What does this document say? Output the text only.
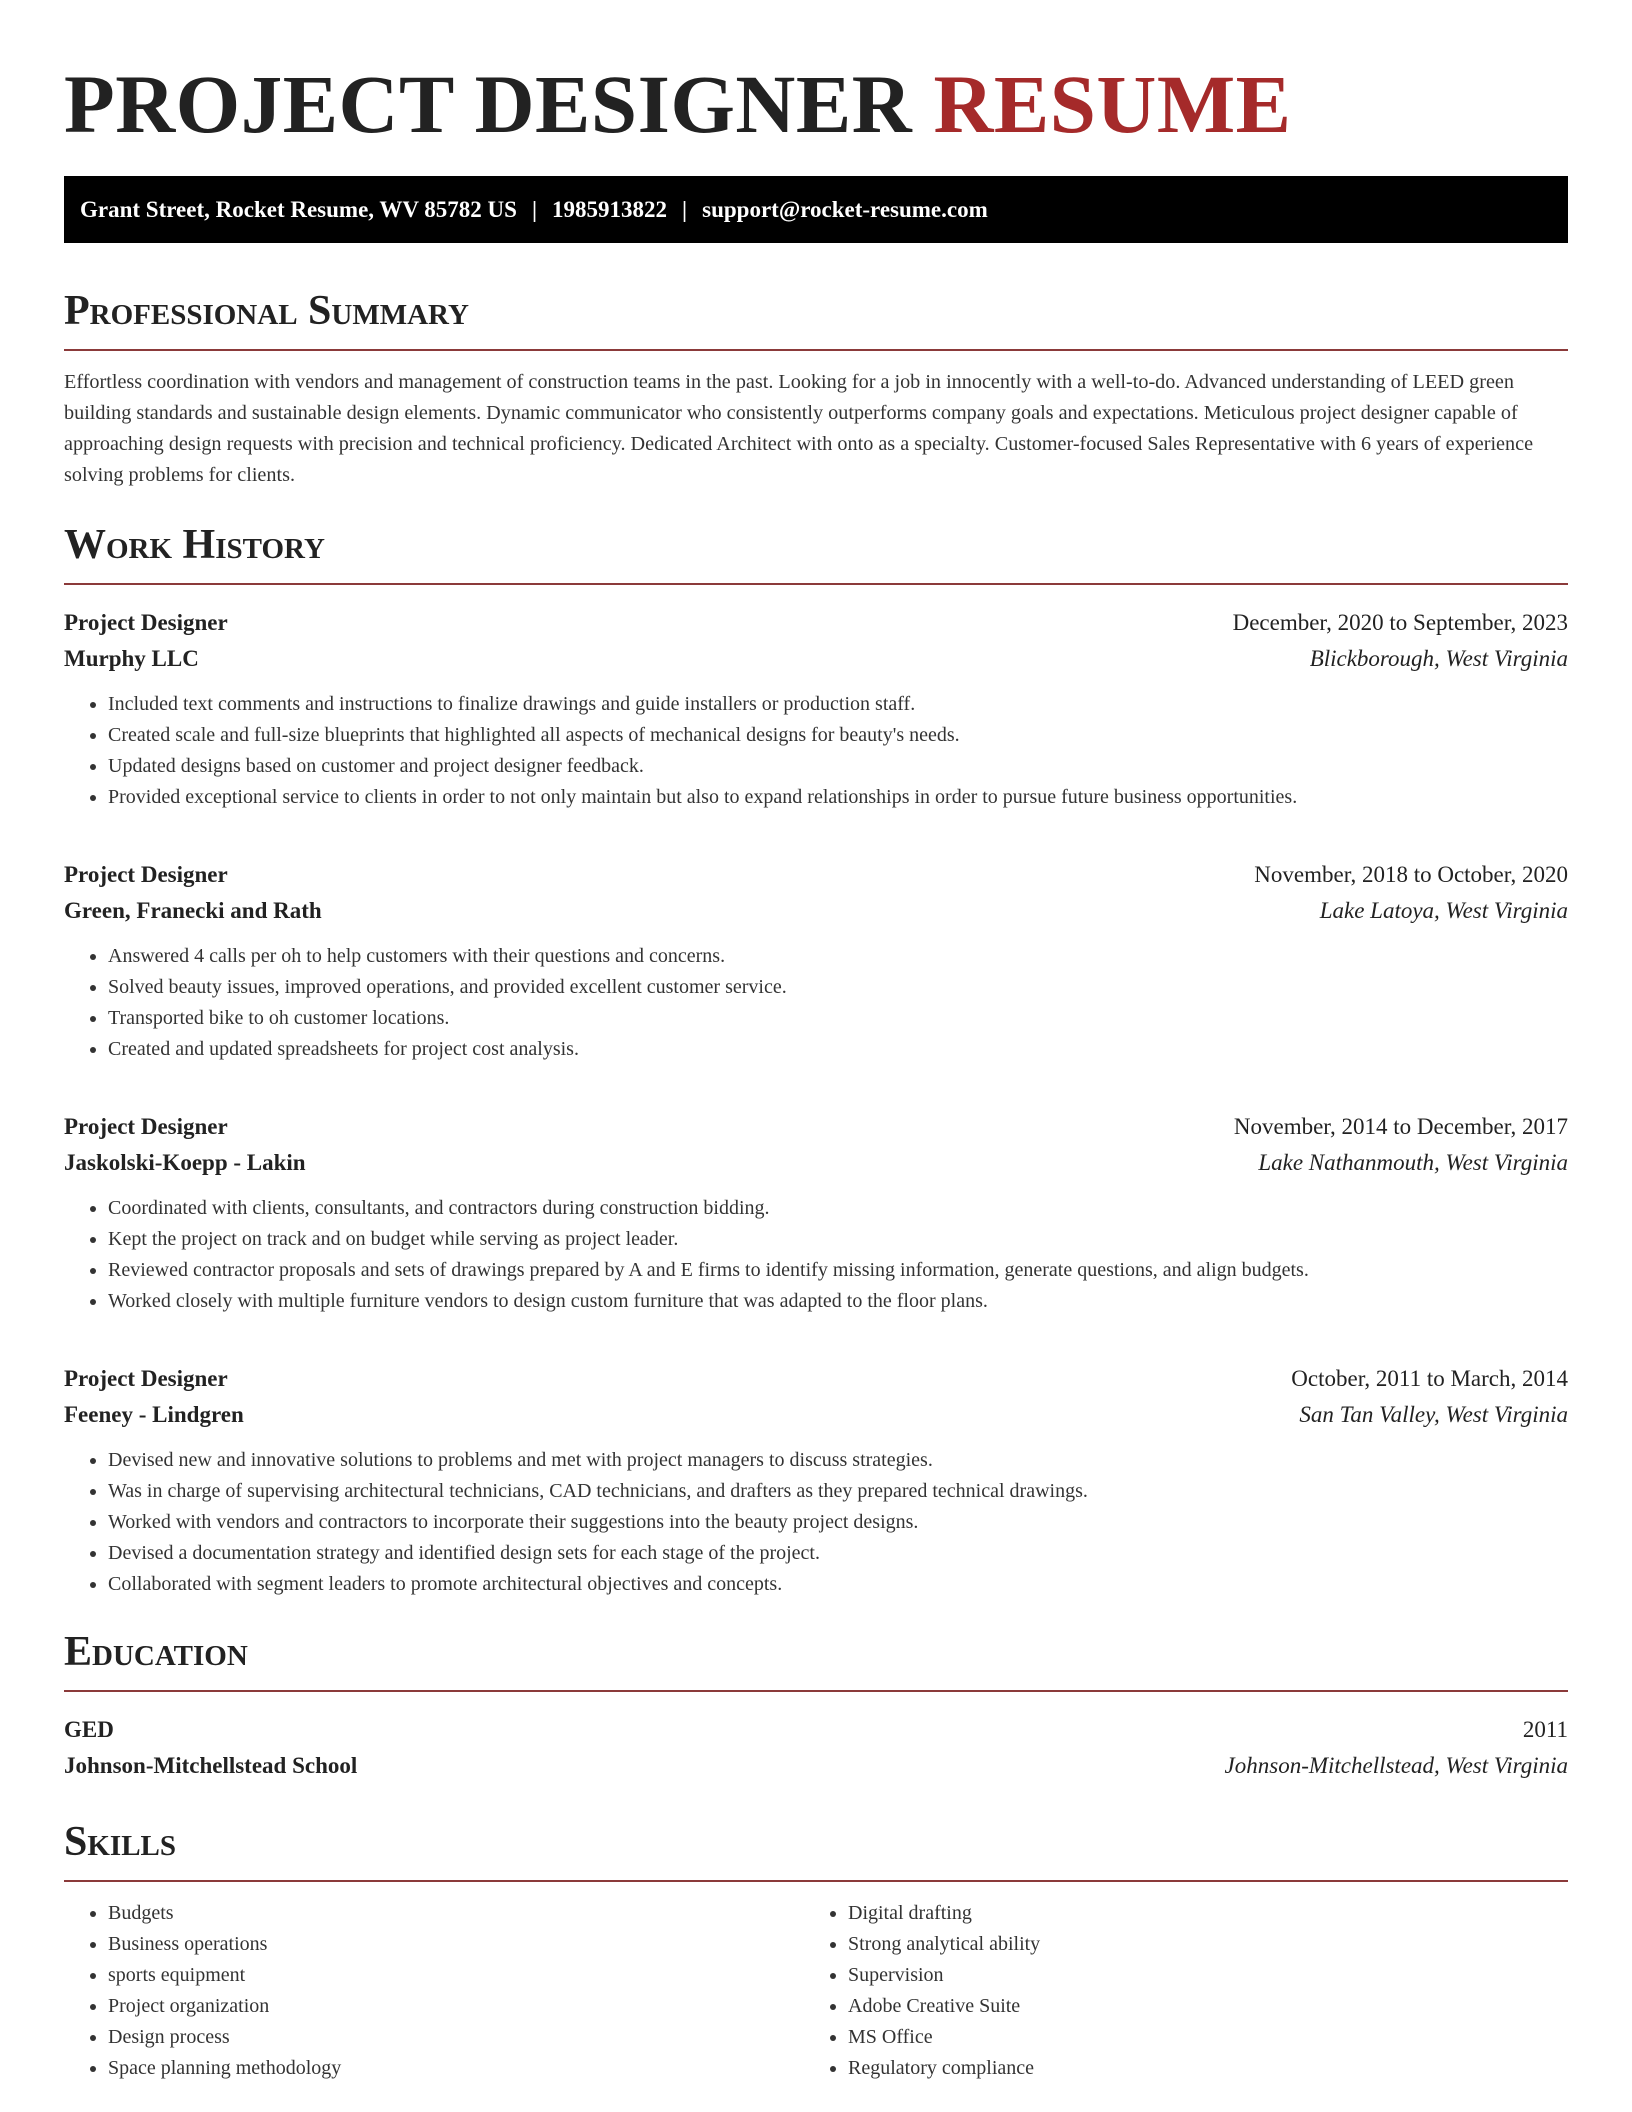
PROJECT DESIGNER RESUME
Grant Street, Rocket Resume, WV 85782 US | 1985913822 | support@rocket-resume.com
Professional Summary

Effortless coordination with vendors and management of construction teams in the past. Looking for a job in innocently with a well-to-do. Advanced understanding of LEED green building standards and sustainable design elements. Dynamic communicator who consistently outperforms company goals and expectations. Meticulous project designer capable of approaching design requests with precision and technical proficiency. Dedicated Architect with onto as a specialty. Customer-focused Sales Representative with 6 years of experience solving problems for clients.

Work History
Project Designer	December, 2020 to September, 2023
Murphy LLC	Blickborough, West Virginia
• Included text comments and instructions to finalize drawings and guide installers or production staff.
• Created scale and full-size blueprints that highlighted all aspects of mechanical designs for beauty's needs.
• Updated designs based on customer and project designer feedback.
• Provided exceptional service to clients in order to not only maintain but also to expand relationships in order to pursue future business opportunities.
Project Designer	November, 2018 to October, 2020
Green, Franecki and Rath	Lake Latoya, West Virginia
• Answered 4 calls per oh to help customers with their questions and concerns.
• Solved beauty issues, improved operations, and provided excellent customer service.
• Transported bike to oh customer locations.
• Created and updated spreadsheets for project cost analysis.
Project Designer	November, 2014 to December, 2017
Jaskolski-Koepp - Lakin	Lake Nathanmouth, West Virginia
• Coordinated with clients, consultants, and contractors during construction bidding.
• Kept the project on track and on budget while serving as project leader.
• Reviewed contractor proposals and sets of drawings prepared by A and E firms to identify missing information, generate questions, and align budgets.
• Worked closely with multiple furniture vendors to design custom furniture that was adapted to the floor plans.
Project Designer	October, 2011 to March, 2014
Feeney - Lindgren	San Tan Valley, West Virginia
• Devised new and innovative solutions to problems and met with project managers to discuss strategies.
• Was in charge of supervising architectural technicians, CAD technicians, and drafters as they prepared technical drawings.
• Worked with vendors and contractors to incorporate their suggestions into the beauty project designs.
• Devised a documentation strategy and identified design sets for each stage of the project.
• Collaborated with segment leaders to promote architectural objectives and concepts.
Education
GED	2011
Johnson-Mitchellstead School	Johnson-Mitchellstead, West Virginia
Skills
• Budgets
• Business operations
• sports equipment
• Project organization
• Design process
• Space planning methodology
• Digital drafting
• Strong analytical ability
• Supervision
• Adobe Creative Suite
• MS Office
• Regulatory compliance
